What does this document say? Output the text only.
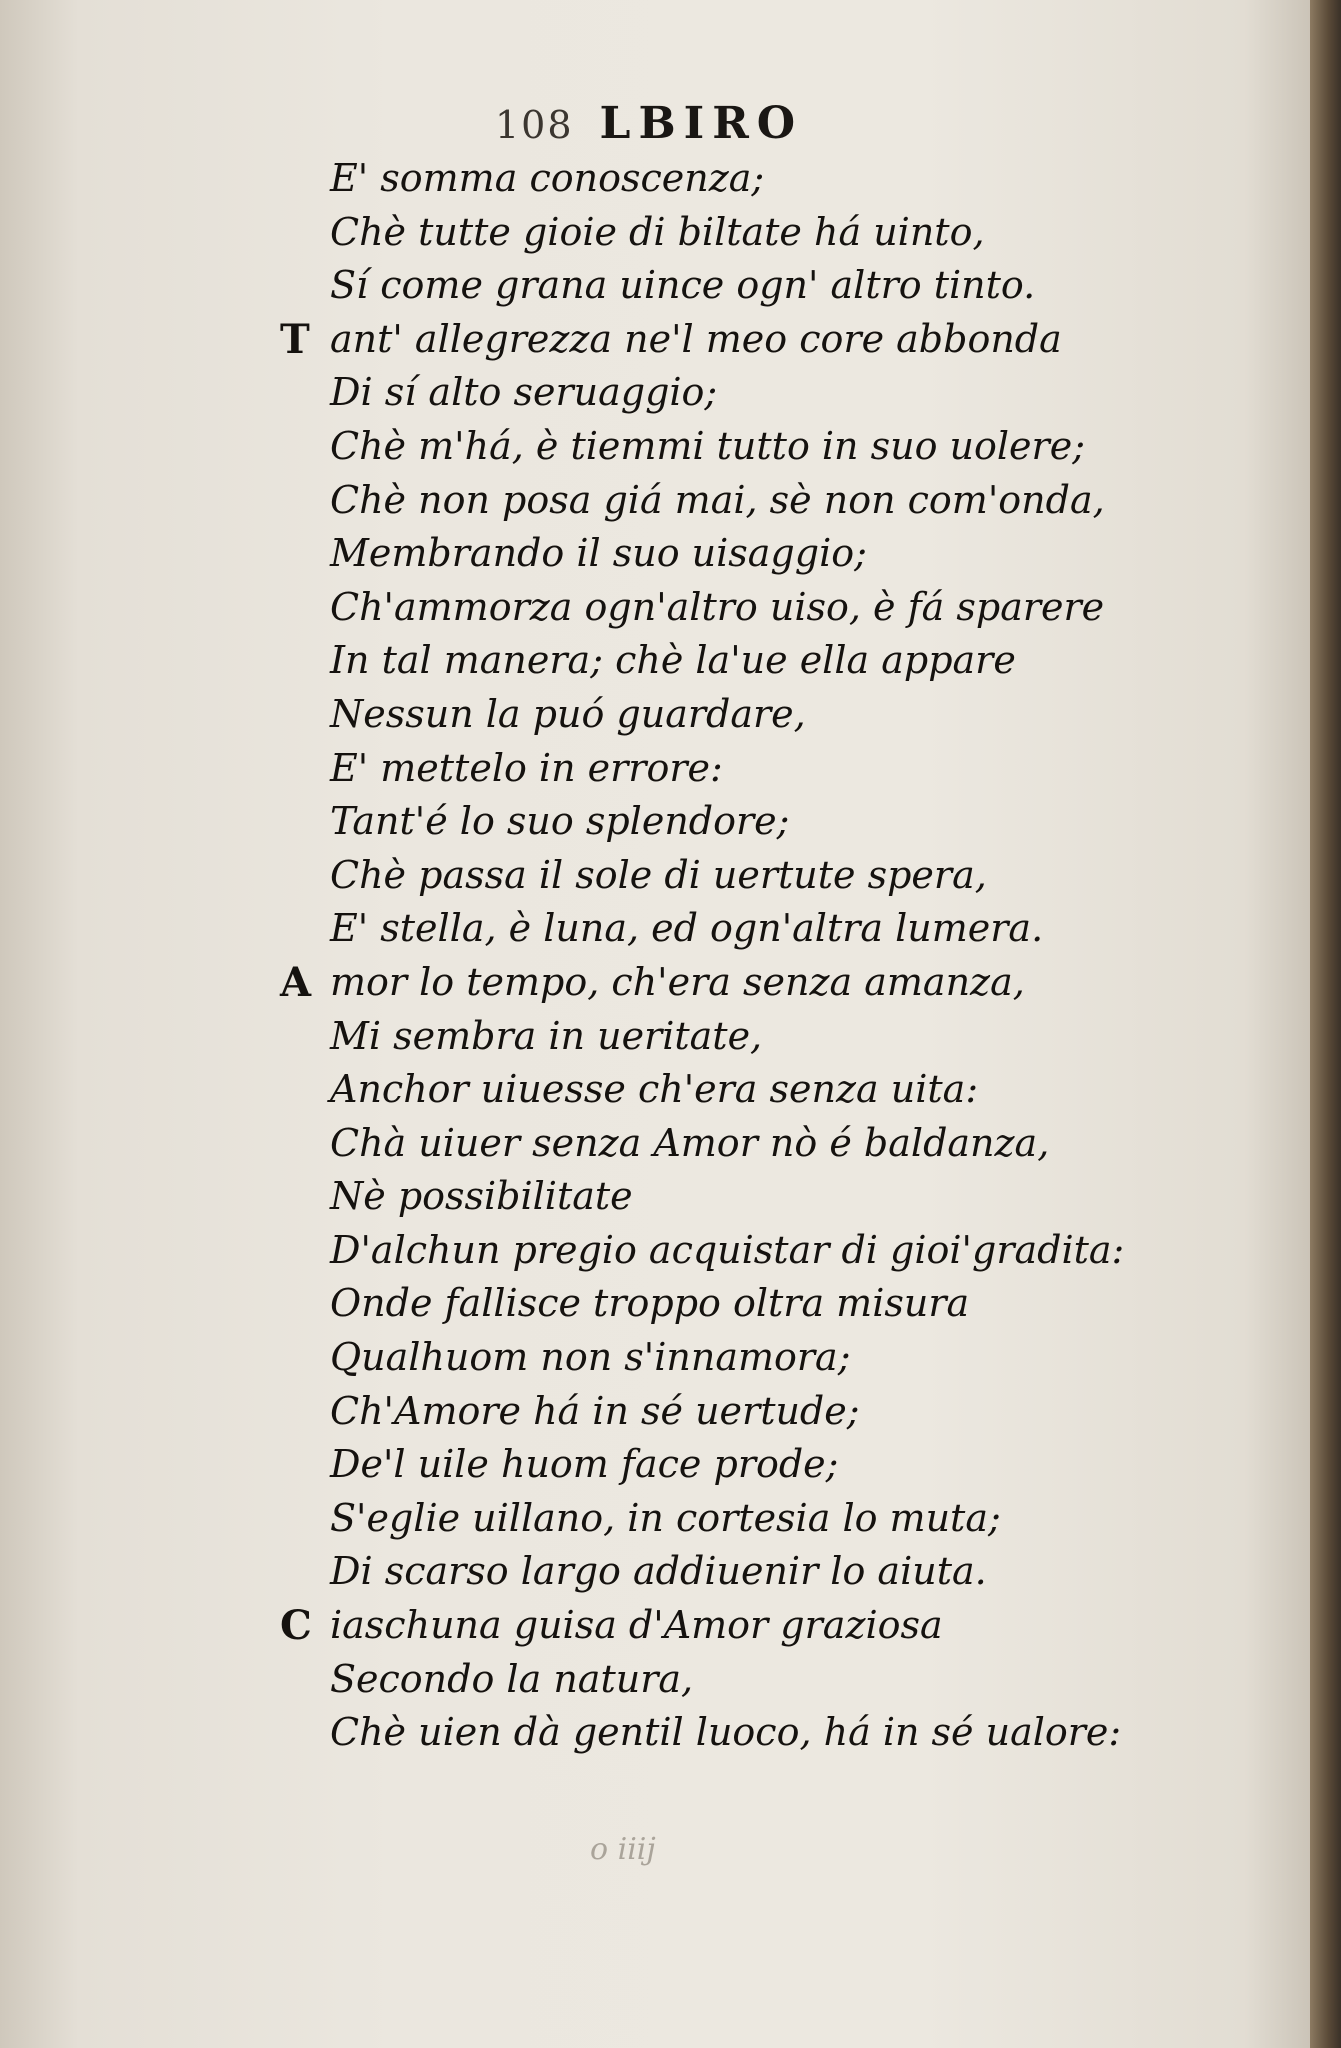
108 LBIRO
E' somma conoscenza;
Chè tutte gioie di biltate há uinto,
Sí come grana uince ogn' altro tinto.
T ant' allegrezza ne'l meo core abbonda
Di sí alto seruaggio;
Chè m'há, è tiemmi tutto in suo uolere;
Chè non posa giá mai, sè non com'onda,
Membrando il suo uisaggio;
Ch'ammorza ogn'altro uiso, è fá sparere
In tal manera; chè la'ue ella appare
Nessun la puó guardare,
E' mettelo in errore:
Tant'é lo suo splendore;
Chè passa il sole di uertute spera,
E' stella, è luna, ed ogn'altra lumera.
A mor lo tempo, ch'era senza amanza,
Mi sembra in ueritate,
Anchor uiuesse ch'era senza uita:
Chà uiuer senza Amor nò é baldanza,
Nè possibilitate
D'alchun pregio acquistar di gioi'gradita:
Onde fallisce troppo oltra misura
Qualhuom non s'innamora;
Ch'Amore há in sé uertude;
De'l uile huom face prode;
S'eglie uillano, in cortesia lo muta;
Di scarso largo addiuenir lo aiuta.
C iaschuna guisa d'Amor graziosa
Secondo la natura,
Chè uien dà gentil luoco, há in sé ualore:
o iiij
